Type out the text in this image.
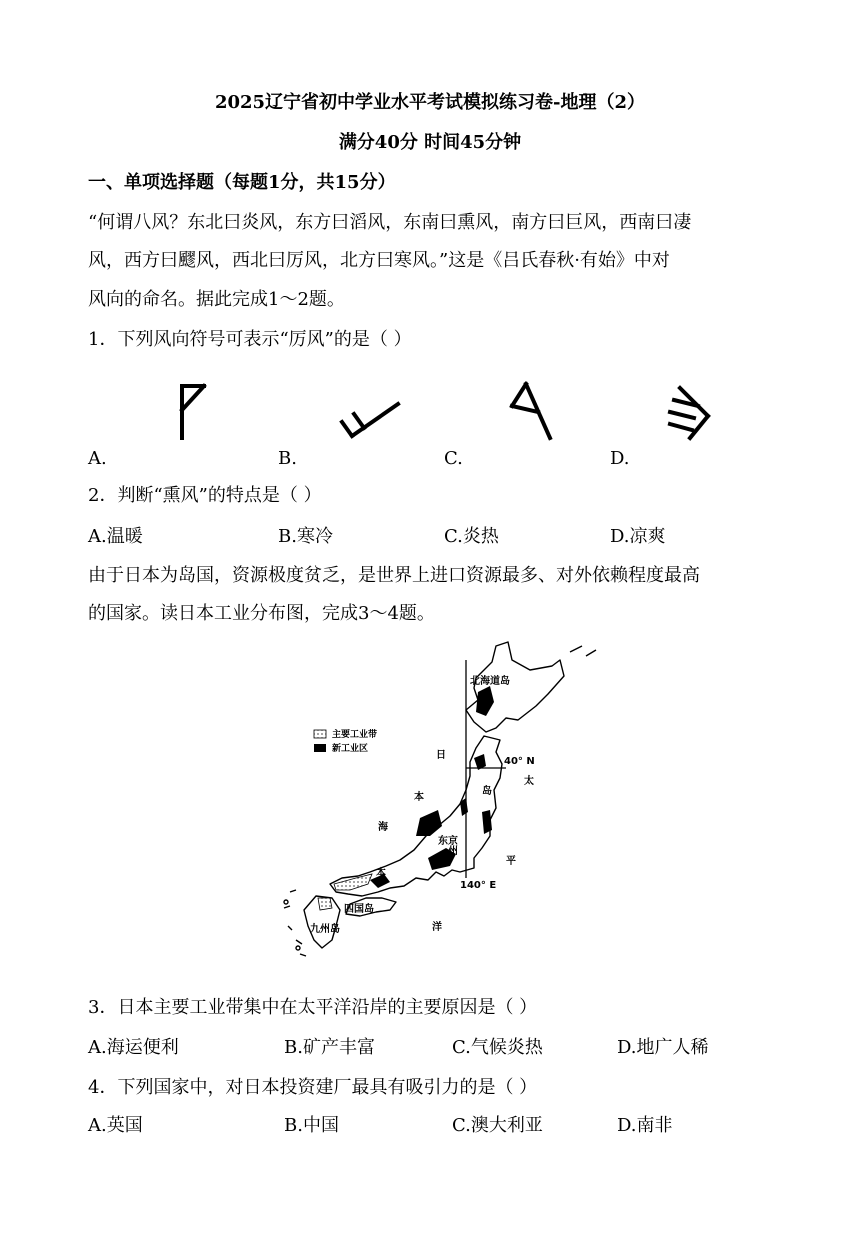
2025辽宁省初中学业水平考试模拟练习卷-地理（2）
满分40分 时间45分钟
一、单项选择题（每题1分，共15分）
“何谓八风？东北曰炎风，东方曰滔风，东南曰熏风，南方曰巨风，西南曰凄
风，西方曰飂风，西北曰厉风，北方曰寒风。”这是《吕氏春秋·有始》中对
风向的命名。据此完成1～2题。
1．下列风向符号可表示“厉风”的是（ ）
A.	B.	C.	D.
2．判断“熏风”的特点是（ ）
A.温暖	B.寒冷	C.炎热	D.凉爽
由于日本为岛国，资源极度贫乏，是世界上进口资源最多、对外依赖程度最高
的国家。读日本工业分布图，完成3～4题。
主要工业带
新工业区
北海道岛
日
本
海
岛
州
本
东京
40° N
140° E
太
平
洋
四国岛
九州岛
3．日本主要工业带集中在太平洋沿岸的主要原因是（ ）
A.海运便利	B.矿产丰富	C.气候炎热	D.地广人稀
4．下列国家中，对日本投资建厂最具有吸引力的是（ ）
A.英国	B.中国	C.澳大利亚	D.南非
